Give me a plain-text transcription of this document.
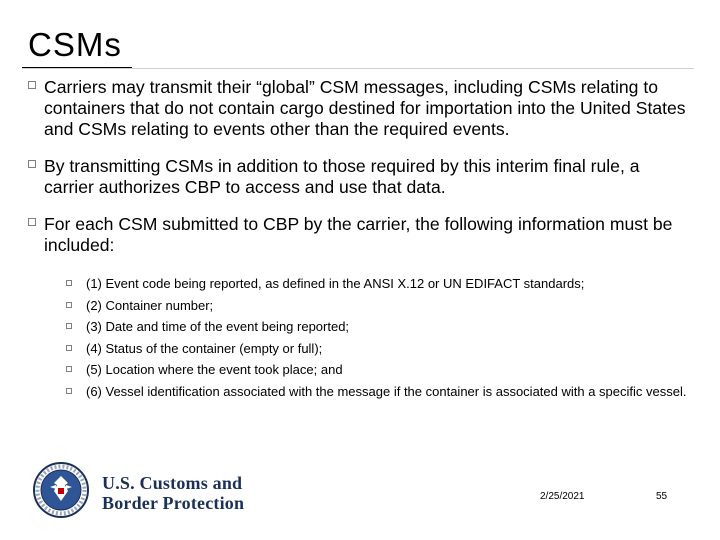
CSMs
Carriers may transmit their “global” CSM messages, including CSMs relating to containers that do not contain cargo destined for importation into the United States and CSMs relating to events other than the required events.
By transmitting CSMs in addition to those required by this interim final rule, a carrier authorizes CBP to access and use that data.
For each CSM submitted to CBP by the carrier, the following information must be included:
(1) Event code being reported, as defined in the ANSI X.12 or UN EDIFACT standards;
(2) Container number;
(3) Date and time of the event being reported;
(4) Status of the container (empty or full);
(5) Location where the event took place; and
(6) Vessel identification associated with the message if the container is associated with a specific vessel.
U.S. Customs and
Border Protection	2/25/2021	55
